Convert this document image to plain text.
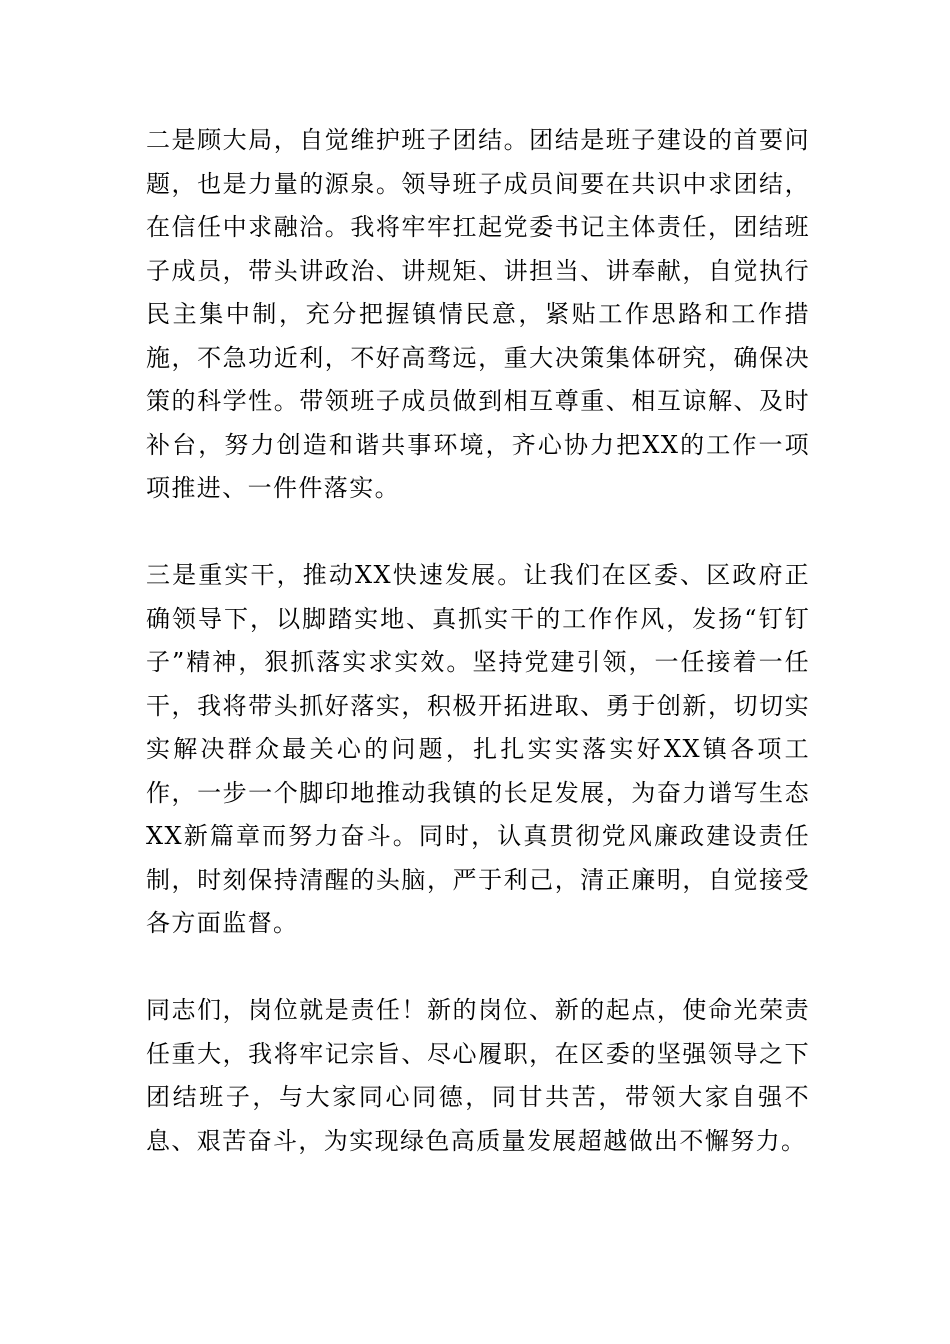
二是顾大局，自觉维护班子团结。团结是班子建设的首要问题，也是力量的源泉。领导班子成员间要在共识中求团结，在信任中求融洽。我将牢牢扛起党委书记主体责任，团结班子成员，带头讲政治、讲规矩、讲担当、讲奉献，自觉执行民主集中制，充分把握镇情民意，紧贴工作思路和工作措施，不急功近利，不好高骛远，重大决策集体研究，确保决策的科学性。带领班子成员做到相互尊重、相互谅解、及时补台，努力创造和谐共事环境，齐心协力把XX的工作一项项推进、一件件落实。

三是重实干，推动XX快速发展。让我们在区委、区政府正确领导下，以脚踏实地、真抓实干的工作作风，发扬“钉钉子”精神，狠抓落实求实效。坚持党建引领，一任接着一任干，我将带头抓好落实，积极开拓进取、勇于创新，切切实实解决群众最关心的问题，扎扎实实落实好XX镇各项工作，一步一个脚印地推动我镇的长足发展，为奋力谱写生态XX新篇章而努力奋斗。同时，认真贯彻党风廉政建设责任制，时刻保持清醒的头脑，严于利己，清正廉明，自觉接受各方面监督。

同志们，岗位就是责任！新的岗位、新的起点，使命光荣责任重大，我将牢记宗旨、尽心履职，在区委的坚强领导之下团结班子，与大家同心同德，同甘共苦，带领大家自强不息、艰苦奋斗，为实现绿色高质量发展超越做出不懈努力。
